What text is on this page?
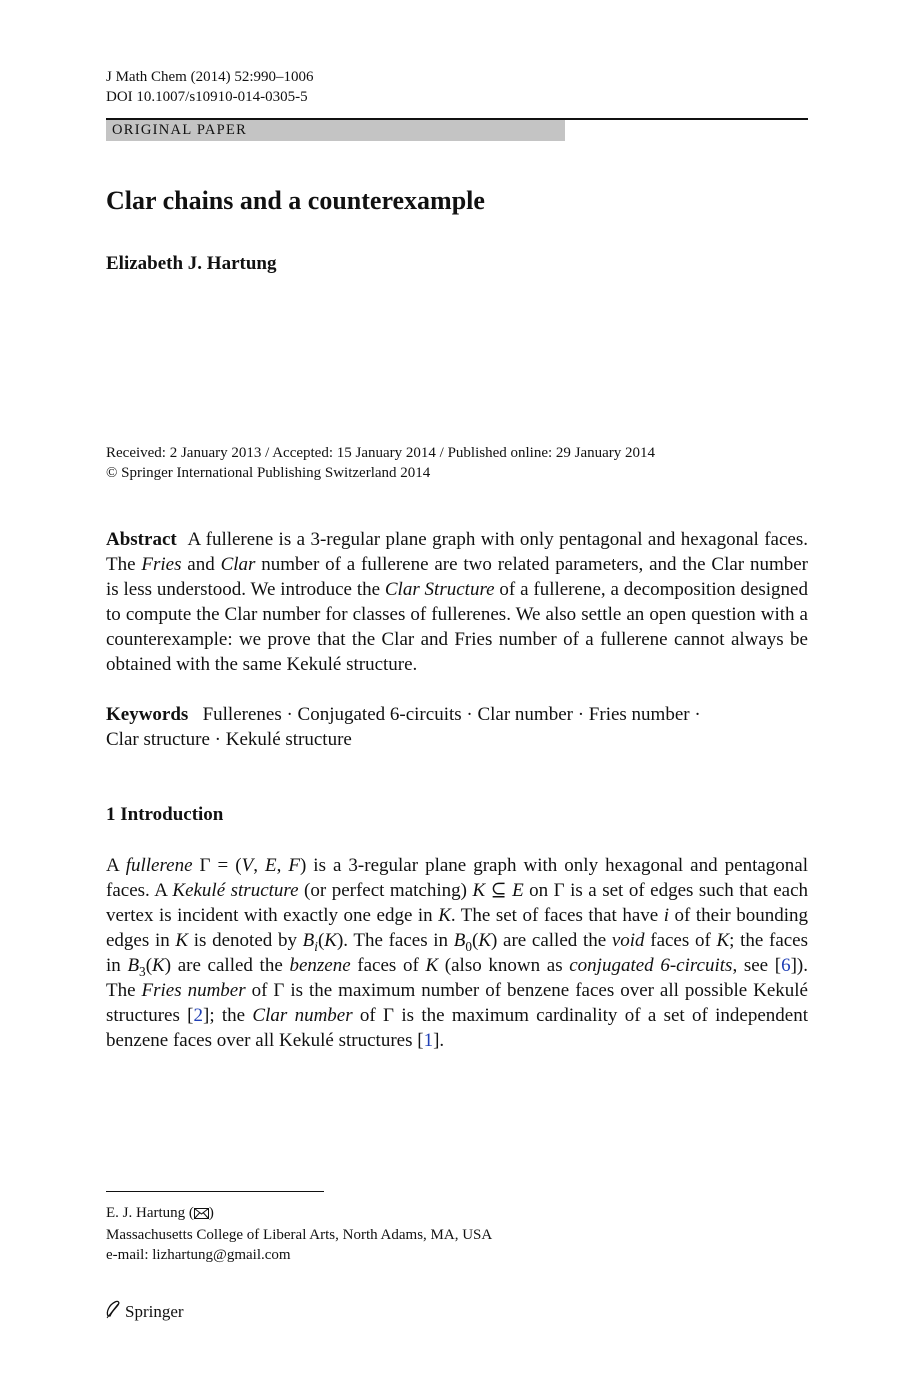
J Math Chem (2014) 52:990–1006
DOI 10.1007/s10910-014-0305-5
ORIGINAL PAPER
Clar chains and a counterexample
Elizabeth J. Hartung
Received: 2 January 2013 / Accepted: 15 January 2014 / Published online: 29 January 2014
© Springer International Publishing Switzerland 2014

Abstract A fullerene is a 3-regular plane graph with only pentagonal and hexagonal faces. The Fries and Clar number of a fullerene are two related parameters, and the Clar number is less understood. We introduce the Clar Structure of a fullerene, a decomposition designed to compute the Clar number for classes of fullerenes. We also settle an open question with a counterexample: we prove that the Clar and Fries number of a fullerene cannot always be obtained with the same Kekulé structure.

Keywords Fullerenes · Conjugated 6-circuits · Clar number · Fries number ·
Clar structure · Kekulé structure

1 Introduction

A fullerene Γ = (V, E, F) is a 3-regular plane graph with only hexagonal and pentagonal faces. A Kekulé structure (or perfect matching) K ⊆ E on Γ is a set of edges such that each vertex is incident with exactly one edge in K. The set of faces that have i of their bounding edges in K is denoted by $B_i(K)$. The faces in $B_0(K)$ are called the void faces of K; the faces in $B_3(K)$ are called the benzene faces of K (also known as conjugated 6-circuits, see [6]). The Fries number of Γ is the maximum number of benzene faces over all possible Kekulé structures [2]; the Clar number of Γ is the maximum cardinality of a set of independent benzene faces over all Kekulé structures [1].

E. J. Hartung ( )
Massachusetts College of Liberal Arts, North Adams, MA, USA
e-mail: lizhartung@gmail.com
Springer
